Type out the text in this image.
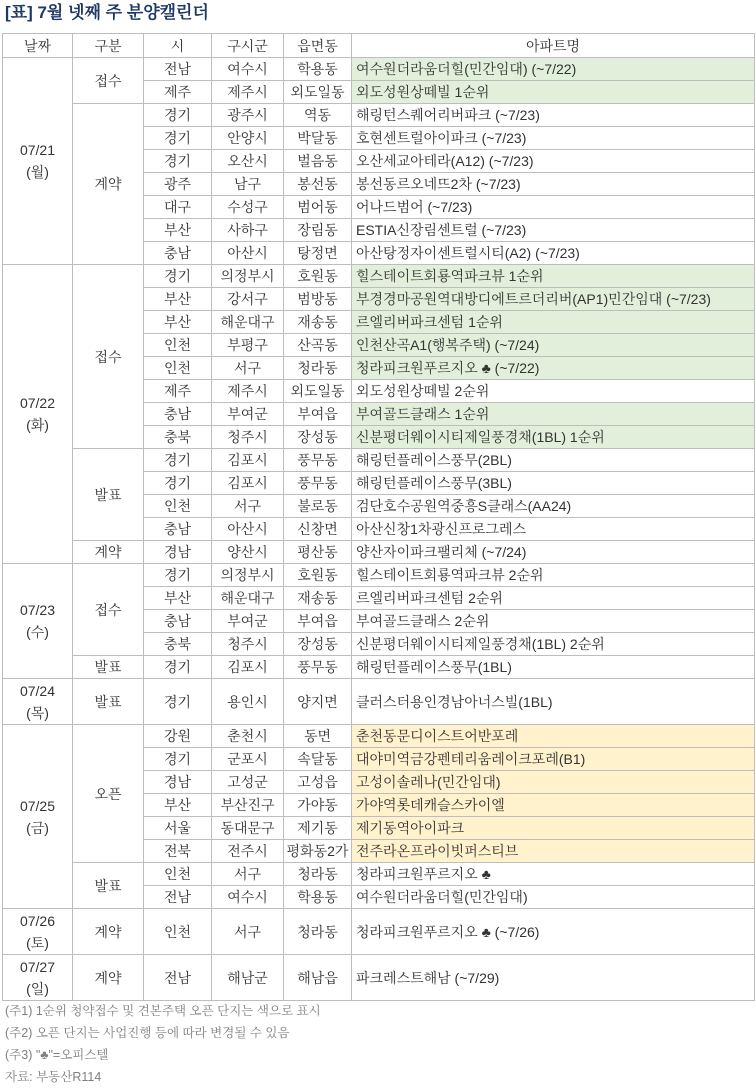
[표] 7월 넷째 주 분양캘린더
날짜	구분	시	구시군	읍면동	아파트명

07/21
(월)	접수	전남	여수시	학용동	여수원더라움더힐(민간임대) (~7/22)
		제주	제주시	외도일동	외도성원상떼빌 1순위
	계약	경기	광주시	역동	해링턴스퀘어리버파크 (~7/23)
		경기	안양시	박달동	호현센트럴아이파크 (~7/23)
		경기	오산시	벌음동	오산세교아테라(A12) (~7/23)
		광주	남구	봉선동	봉선동르오네뜨2차 (~7/23)
		대구	수성구	범어동	어나드범어 (~7/23)
		부산	사하구	장림동	ESTIA신장림센트럴 (~7/23)
		충남	아산시	탕정면	아산탕정자이센트럴시티(A2) (~7/23)

07/22
(화)	접수	경기	의정부시	호원동	힐스테이트회룡역파크뷰 1순위
		부산	강서구	범방동	부경경마공원역대방디에트르더리버(AP1)민간임대 (~7/23)
		부산	해운대구	재송동	르엘리버파크센텀 1순위
		인천	부평구	산곡동	인천산곡A1(행복주택) (~7/24)
		인천	서구	청라동	청라피크원푸르지오 ♣ (~7/22)
		제주	제주시	외도일동	외도성원상떼빌 2순위
		충남	부여군	부여읍	부여골드클래스 1순위
		충북	청주시	장성동	신분평더웨이시티제일풍경채(1BL) 1순위
	발표	경기	김포시	풍무동	해링턴플레이스풍무(2BL)
		경기	김포시	풍무동	해링턴플레이스풍무(3BL)
		인천	서구	불로동	검단호수공원역중흥S클래스(AA24)
		충남	아산시	신창면	아산신창1차광신프로그레스
	계약	경남	양산시	평산동	양산자이파크팰리체 (~7/24)

07/23
(수)	접수	경기	의정부시	호원동	힐스테이트회룡역파크뷰 2순위
		부산	해운대구	재송동	르엘리버파크센텀 2순위
		충남	부여군	부여읍	부여골드클래스 2순위
		충북	청주시	장성동	신분평더웨이시티제일풍경채(1BL) 2순위
	발표	경기	김포시	풍무동	해링턴플레이스풍무(1BL)

07/24
(목)	발표	경기	용인시	양지면	클러스터용인경남아너스빌(1BL)

07/25
(금)	오픈	강원	춘천시	동면	춘천동문디이스트어반포레
		경기	군포시	속달동	대야미역금강펜테리움레이크포레(B1)
		경남	고성군	고성읍	고성이솔레나(민간임대)
		부산	부산진구	가야동	가야역롯데캐슬스카이엘
		서울	동대문구	제기동	제기동역아이파크
		전북	전주시	평화동2가	전주라온프라이빗퍼스티브
	발표	인천	서구	청라동	청라피크원푸르지오 ♣
		전남	여수시	학용동	여수원더라움더힐(민간임대)

07/26
(토)	계약	인천	서구	청라동	청라피크원푸르지오 ♣ (~7/26)

07/27
(일)	계약	전남	해남군	해남읍	파크레스트해남 (~7/29)
(주1) 1순위 청약접수 및 견본주택 오픈 단지는 색으로 표시
(주2) 오픈 단지는 사업진행 등에 따라 변경될 수 있음
(주3) "♣"=오피스텔
자료: 부동산R114
